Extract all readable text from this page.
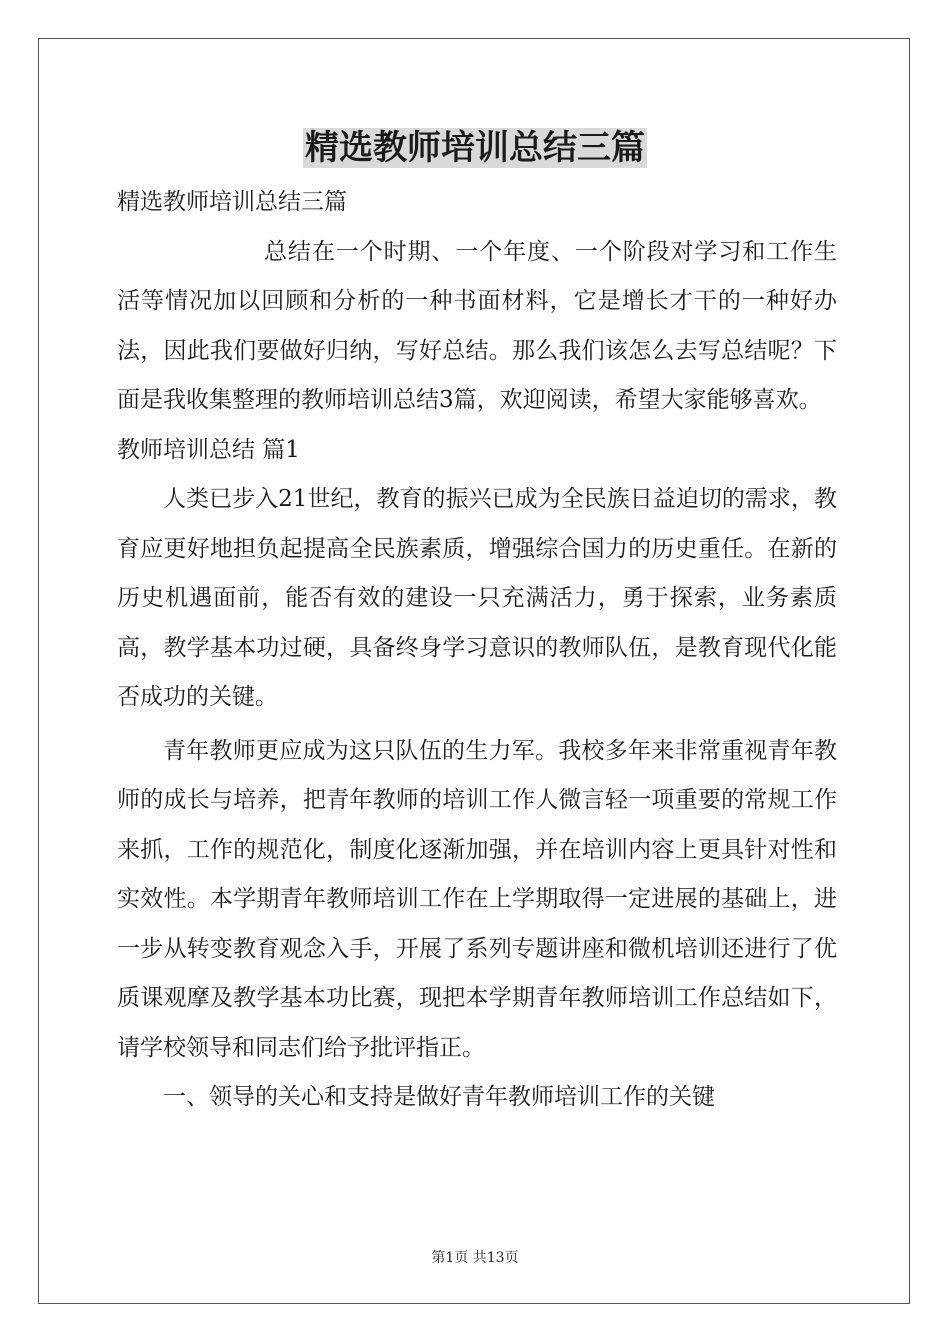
精选教师培训总结三篇

精选教师培训总结三篇

总结在一个时期、一个年度、一个阶段对学习和工作生活等情况加以回顾和分析的一种书面材料，它是增长才干的一种好办法，因此我们要做好归纳，写好总结。那么我们该怎么去写总结呢？下面是我收集整理的教师培训总结3篇，欢迎阅读，希望大家能够喜欢。

教师培训总结 篇1

人类已步入21世纪，教育的振兴已成为全民族日益迫切的需求，教育应更好地担负起提高全民族素质，增强综合国力的历史重任。在新的历史机遇面前，能否有效的建设一只充满活力，勇于探索，业务素质高，教学基本功过硬，具备终身学习意识的教师队伍，是教育现代化能否成功的关键。

青年教师更应成为这只队伍的生力军。我校多年来非常重视青年教师的成长与培养，把青年教师的培训工作人微言轻一项重要的常规工作来抓，工作的规范化，制度化逐渐加强，并在培训内容上更具针对性和实效性。本学期青年教师培训工作在上学期取得一定进展的基础上，进一步从转变教育观念入手，开展了系列专题讲座和微机培训还进行了优质课观摩及教学基本功比赛，现把本学期青年教师培训工作总结如下，请学校领导和同志们给予批评指正。

一、领导的关心和支持是做好青年教师培训工作的关键

第1页 共13页
